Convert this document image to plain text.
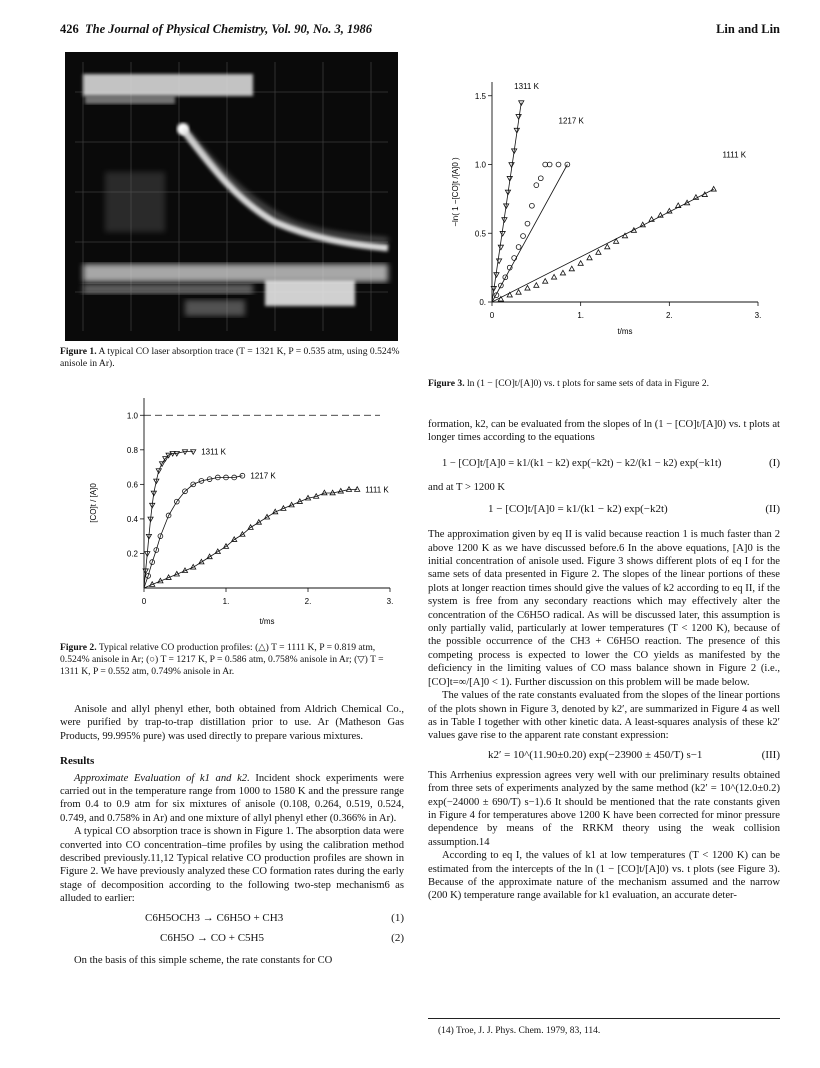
426 The Journal of Physical Chemistry, Vol. 90, No. 3, 1986	Lin and Lin
Figure 1. A typical CO laser absorption trace (T = 1321 K, P = 0.535 atm, using 0.524% anisole in Ar).
0.2
0.4
0.6
0.8
1.0
0	1.	2.	3.
t/ms
[CO]t / [A]0
1311 K
1217 K
1111 K
Figure 2. Typical relative CO production profiles: (△) T = 1111 K, P = 0.819 atm, 0.524% anisole in Ar; (○) T = 1217 K, P = 0.586 atm, 0.758% anisole in Ar; (▽) T = 1311 K, P = 0.552 atm, 0.749% anisole in Ar.

Anisole and allyl phenyl ether, both obtained from Aldrich Chemical Co., were purified by trap-to-trap distillation prior to use. Ar (Matheson Gas Products, 99.995% pure) was used directly to prepare various mixtures.

Results

Approximate Evaluation of k1 and k2. Incident shock experiments were carried out in the temperature range from 1000 to 1580 K and the pressure range from 0.4 to 0.9 atm for six mixtures of anisole (0.108, 0.264, 0.519, 0.524, 0.749, and 0.758% in Ar) and one mixture of allyl phenyl ether (0.366% in Ar).

A typical CO absorption trace is shown in Figure 1. The absorption data were converted into CO concentration–time profiles by using the calibration method described previously.11,12 Typical relative CO production profiles are shown in Figure 2. We have previously analyzed these CO formation rates during the early stage of decomposition according to the following two-step mechanism6 as alluded to earlier:

C6H5OCH3 → C6H5O + CH3	(1)
C6H5O → CO + C5H5	(2)

On the basis of this simple scheme, the rate constants for CO

0.
0.5
1.0
1.5
0	1.	2.	3.
t/ms
−ln( 1 −[CO]t /[A]0 )
1311 K
1217 K
1111 K
Figure 3. ln (1 − [CO]t/[A]0) vs. t plots for same sets of data in Figure 2.

formation, k2, can be evaluated from the slopes of ln (1 − [CO]t/[A]0) vs. t plots at longer times according to the equations

1 − [CO]t/[A]0 = k1/(k1 − k2) exp(−k2t) − k2/(k1 − k2) exp(−k1t)	(I)
and at T > 1200 K
1 − [CO]t/[A]0 = k1/(k1 − k2) exp(−k2t)	(II)

The approximation given by eq II is valid because reaction 1 is much faster than 2 above 1200 K as we have discussed before.6 In the above equations, [A]0 is the initial concentration of anisole used. Figure 3 shows different plots of eq I for the same sets of data presented in Figure 2. The slopes of the linear portions of these plots at longer reaction times should give the values of k2 according to eq II, if the system is free from any secondary reactions which may effectively alter the concentration of the C6H5O radical. As will be discussed later, this assumption is only partially valid, particularly at lower temperatures (T < 1200 K), because of the possible occurrence of the CH3 + C6H5O reaction. The presence of this competing process is expected to lower the CO yields as manifested by the deficiency in the limiting values of CO mass balance shown in Figure 2 (i.e., [CO]t=∞/[A]0 < 1). Further discussion on this problem will be made below.

The values of the rate constants evaluated from the slopes of the linear portions of the plots shown in Figure 3, denoted by k2′, are summarized in Figure 4 as well as in Table I together with other kinetic data. A least-squares analysis of these k2′ values gave rise to the apparent rate constant expression:

k2′ = 10^(11.90±0.20) exp(−23900 ± 450/T) s−1	(III)

This Arrhenius expression agrees very well with our preliminary results obtained from three sets of experiments analyzed by the same method (k2′ = 10^(12.0±0.2) exp(−24000 ± 690/T) s−1).6 It should be mentioned that the rate constants given in Figure 4 for temperatures above 1200 K have been corrected for minor pressure dependence by means of the RRKM theory using the weak collision assumption.14

According to eq I, the values of k1 at low temperatures (T < 1200 K) can be estimated from the intercepts of the ln (1 − [CO]t/[A]0) vs. t plots (see Figure 3). Because of the approximate nature of the mechanism assumed and the narrow (200 K) temperature range available for k1 evaluation, an accurate deter-

(14) Troe, J. J. Phys. Chem. 1979, 83, 114.
